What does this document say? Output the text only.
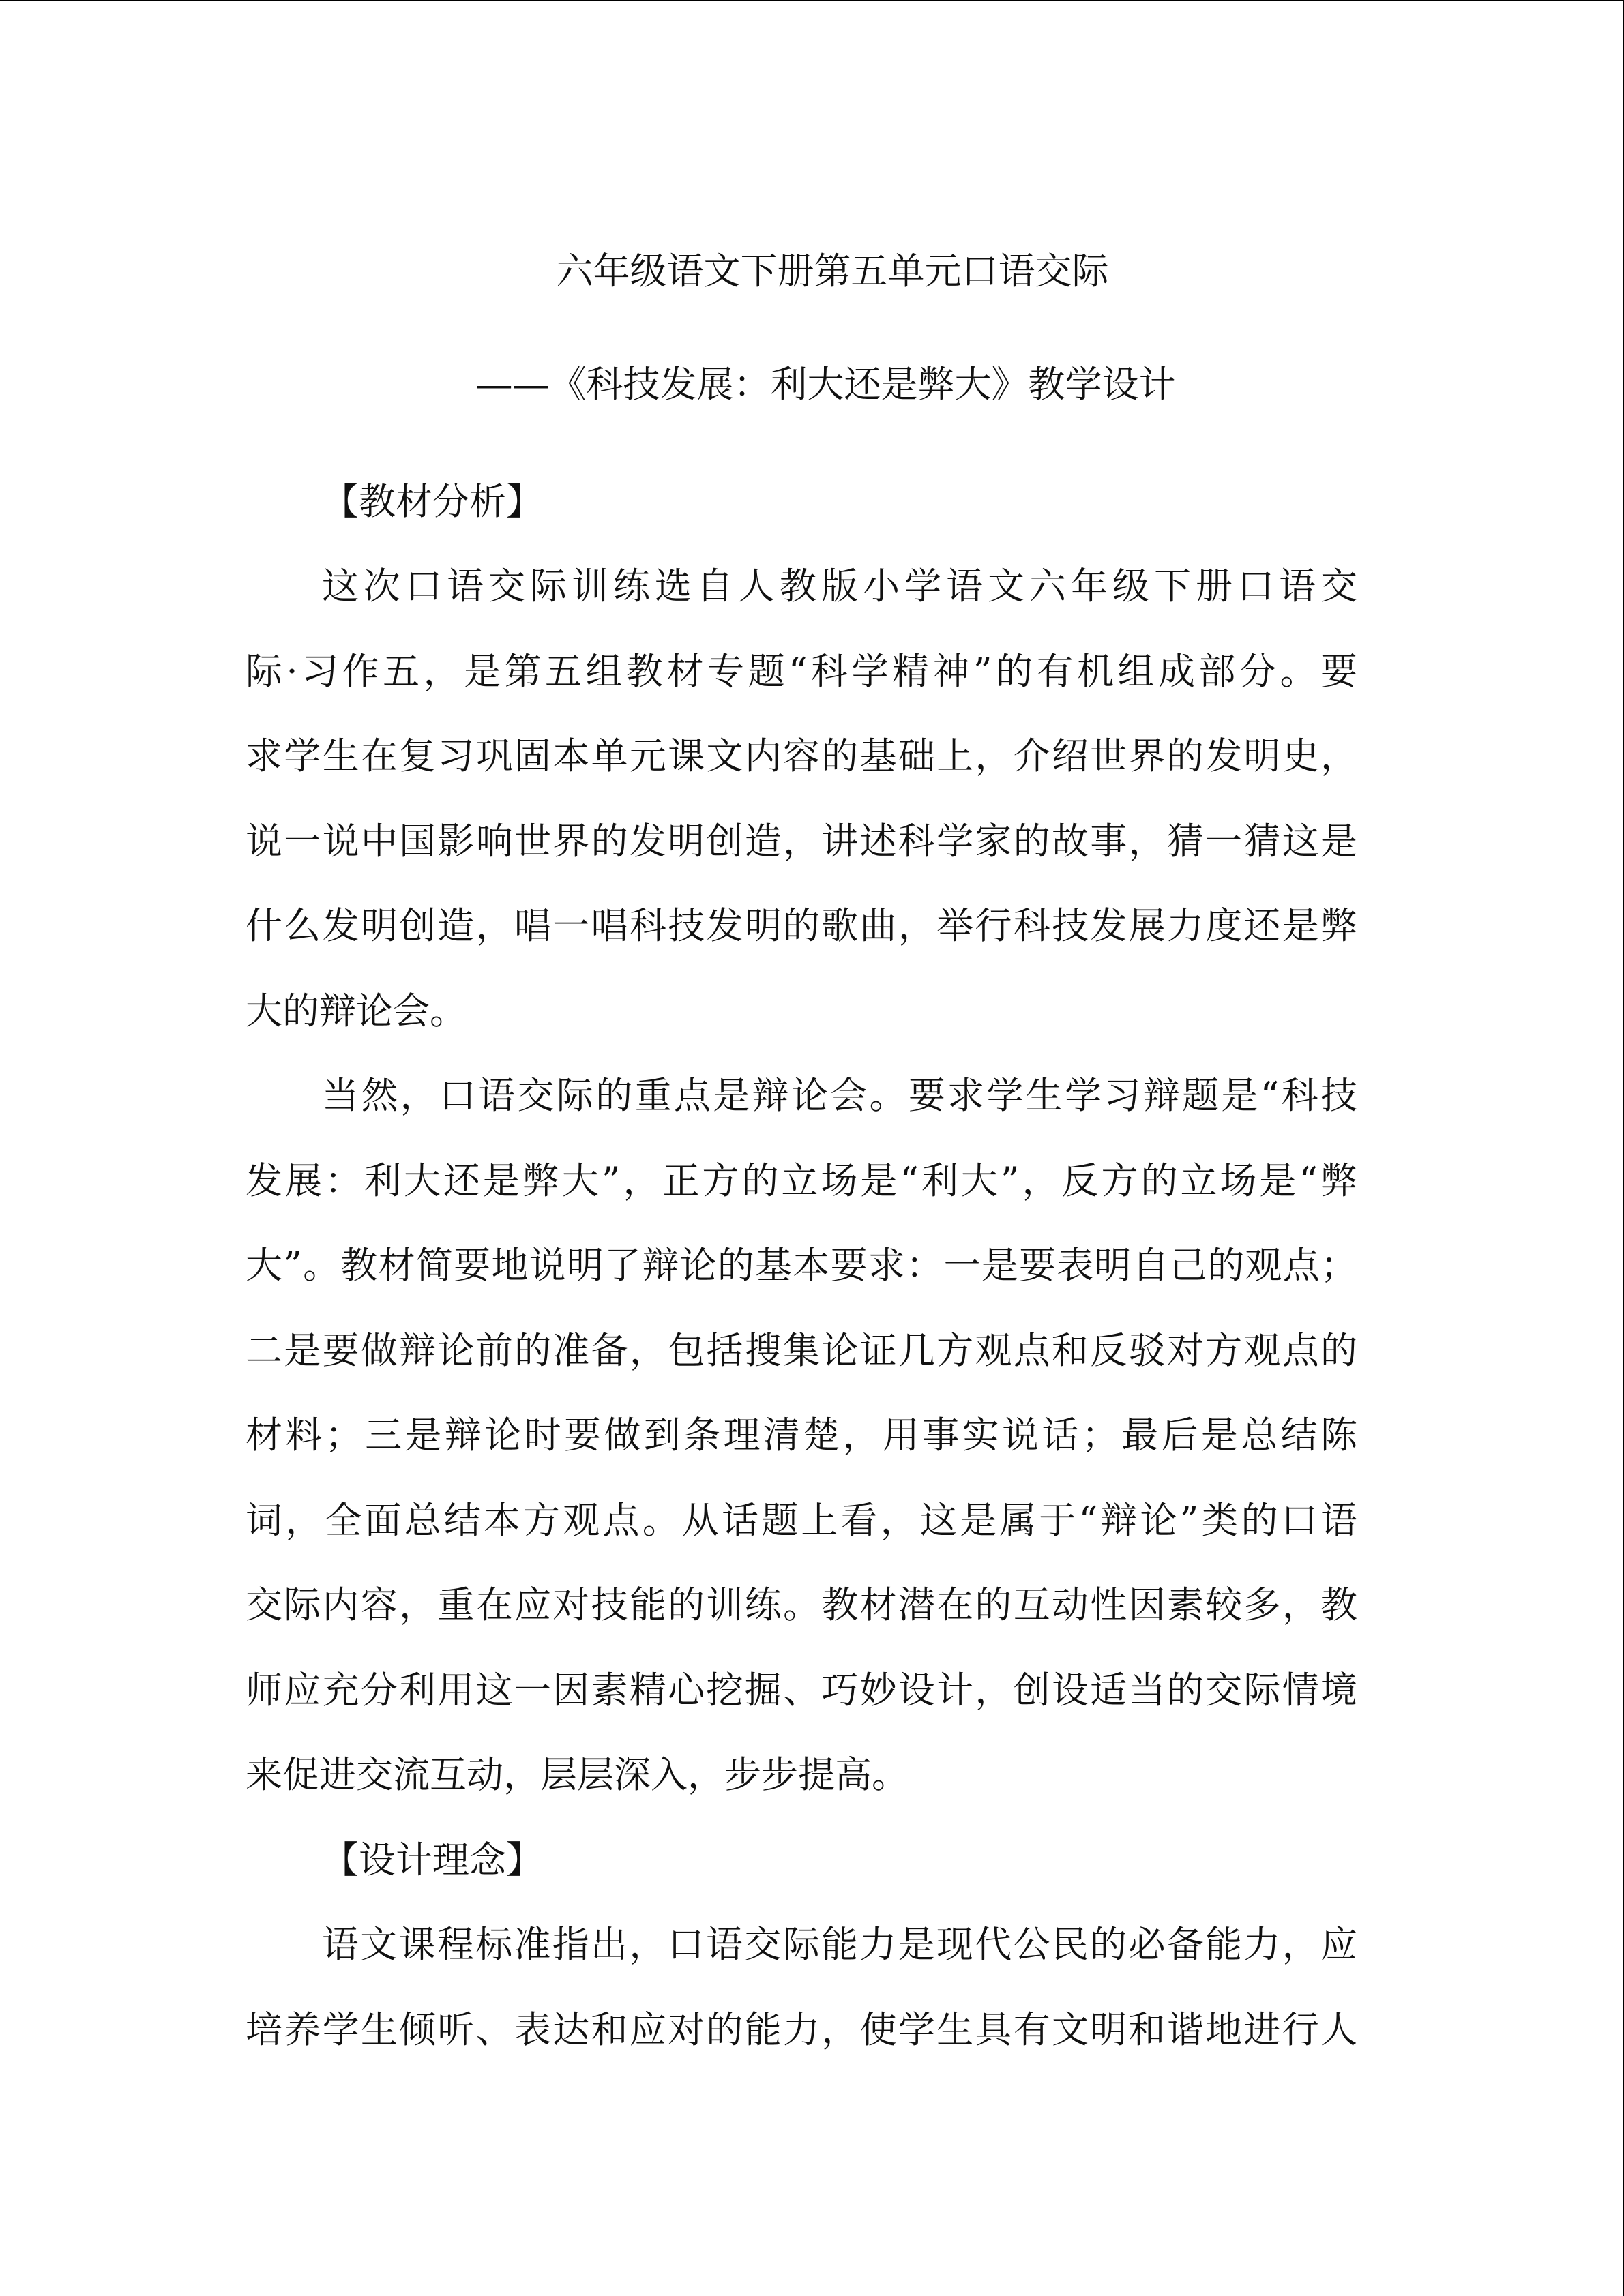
六年级语文下册第五单元口语交际
——《科技发展：利大还是弊大》教学设计
【教材分析】
这次口语交际训练选自人教版小学语文六年级下册口语交
际·习作五，是第五组教材专题“科学精神”的有机组成部分。要
求学生在复习巩固本单元课文内容的基础上，介绍世界的发明史，
说一说中国影响世界的发明创造，讲述科学家的故事，猜一猜这是
什么发明创造，唱一唱科技发明的歌曲，举行科技发展力度还是弊
大的辩论会。
当然，口语交际的重点是辩论会。要求学生学习辩题是“科技
发展：利大还是弊大”，正方的立场是“利大”，反方的立场是“弊
大”。教材简要地说明了辩论的基本要求：一是要表明自己的观点；
二是要做辩论前的准备，包括搜集论证几方观点和反驳对方观点的
材料；三是辩论时要做到条理清楚，用事实说话；最后是总结陈
词，全面总结本方观点。从话题上看，这是属于“辩论”类的口语
交际内容，重在应对技能的训练。教材潜在的互动性因素较多，教
师应充分利用这一因素精心挖掘、巧妙设计，创设适当的交际情境
来促进交流互动，层层深入，步步提高。
【设计理念】
语文课程标准指出，口语交际能力是现代公民的必备能力，应
培养学生倾听、表达和应对的能力，使学生具有文明和谐地进行人
